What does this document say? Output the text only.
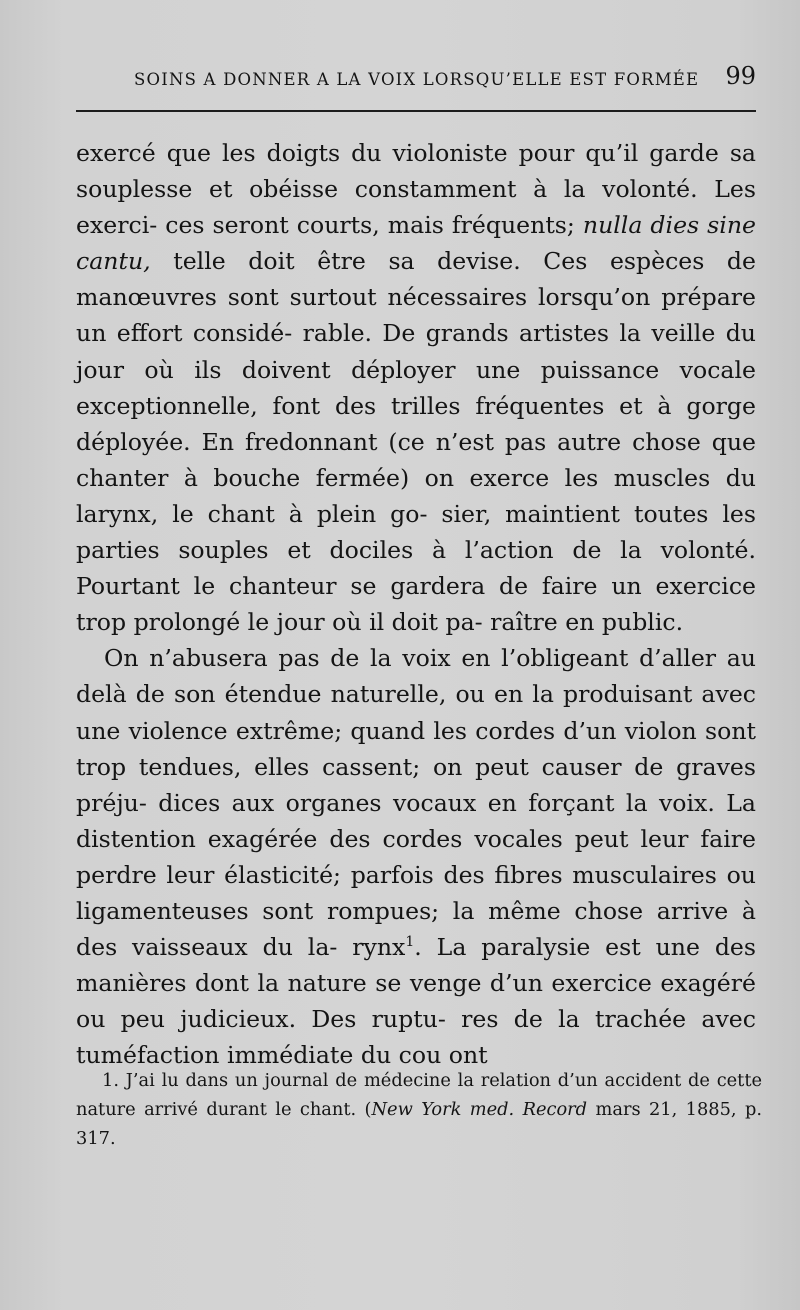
SOINS A DONNER A LA VOIX LORSQU’ELLE EST FORMÉE 99

exercé que les doigts du violoniste pour qu’il garde sa souplesse et obéisse constamment à la volonté. Les exerci- ces seront courts, mais fréquents; nulla dies sine cantu, telle doit être sa devise. Ces espèces de manœuvres sont surtout nécessaires lorsqu’on prépare un effort considé- rable. De grands artistes la veille du jour où ils doivent déployer une puissance vocale exceptionnelle, font des trilles fréquentes et à gorge déployée. En fredonnant (ce n’est pas autre chose que chanter à bouche fermée) on exerce les muscles du larynx, le chant à plein go- sier, maintient toutes les parties souples et dociles à l’action de la volonté. Pourtant le chanteur se gardera de faire un exercice trop prolongé le jour où il doit pa- raître en public.

On n’abusera pas de la voix en l’obligeant d’aller au delà de son étendue naturelle, ou en la produisant avec une violence extrême; quand les cordes d’un violon sont trop tendues, elles cassent; on peut causer de graves préju- dices aux organes vocaux en forçant la voix. La distention exagérée des cordes vocales peut leur faire perdre leur élasticité; parfois des fibres musculaires ou ligamenteuses sont rompues; la même chose arrive à des vaisseaux du la- rynx$^1$. La paralysie est une des manières dont la nature se venge d’un exercice exagéré ou peu judicieux. Des ruptu- res de la trachée avec tuméfaction immédiate du cou ont

1. J’ai lu dans un journal de médecine la relation d’un accident de cette nature arrivé durant le chant. (New York med. Record mars 21, 1885, p. 317.
